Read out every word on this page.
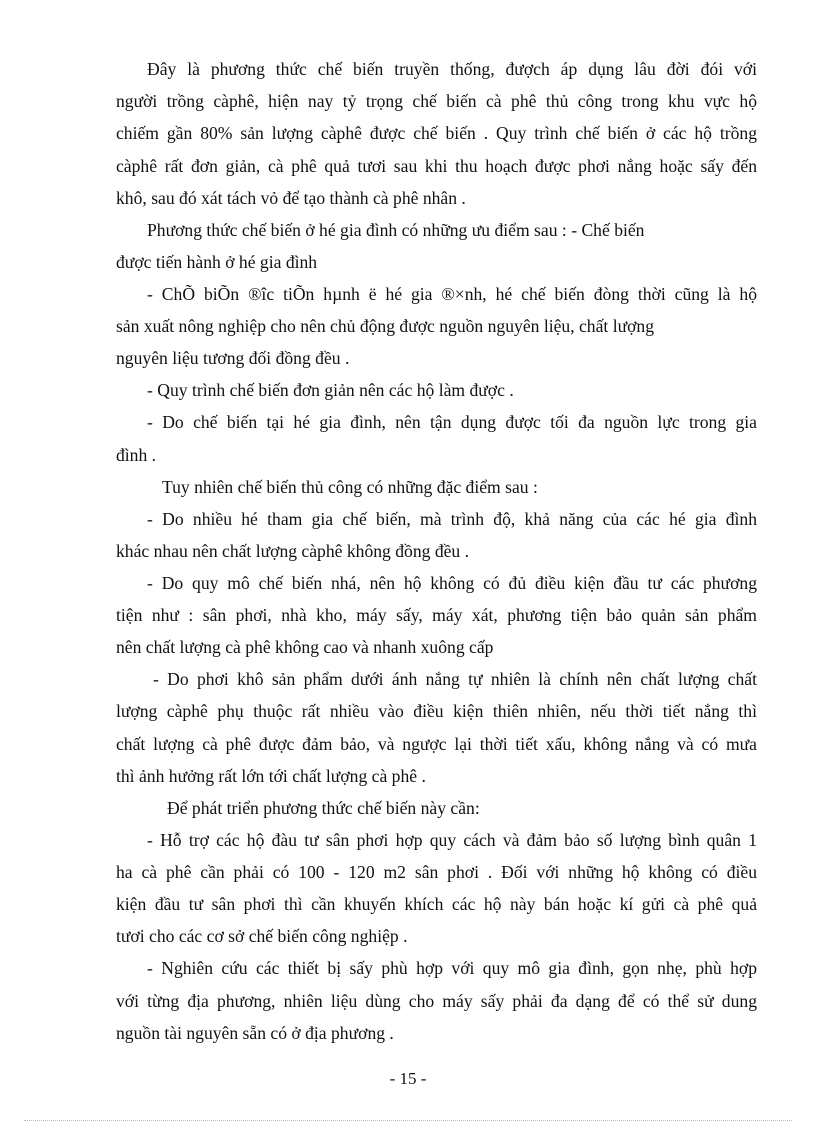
Đây là phương thức chế biến truyền thống, đượch áp dụng lâu đời đói với
người trồng càphê, hiện nay tỷ trọng chế biến cà phê thủ công trong khu vực hộ
chiếm gần 80% sản lượng càphê được chế biến . Quy trình chế biến ở các hộ trồng
càphê rất đơn giản, cà phê quả tươi sau khi thu hoạch được phơi nắng hoặc sấy đến
khô, sau đó xát tách vỏ để tạo thành cà phê nhân .
Phương thức chế biến ở hé gia đình có những ưu điểm sau : - Chế biến
được tiến hành ở hé gia đình
- ChÕ biÕn ®îc tiÕn hµnh ë hé gia ®×nh, hé chế biến đòng thời cũng là hộ
sản xuất nông nghiệp cho nên chủ động được nguồn nguyên liệu, chất lượng
nguyên liệu tương đối đồng đều .
- Quy trình chế biến đơn giản nên các hộ làm được .
- Do chế biến tại hé gia đình, nên tận dụng được tối đa nguồn lực trong gia
đình .
Tuy nhiên chế biến thủ công có những đặc điểm sau :
- Do nhiều hé tham gia chế biến, mà trình độ, khả năng của các hé gia đình
khác nhau nên chất lượng càphê không đồng đều .
- Do quy mô chế biến nhá, nên hộ không có đủ điều kiện đầu tư các phương
tiện như : sân phơi, nhà kho, máy sấy, máy xát, phương tiện bảo quản sản phẩm
nên chất lượng cà phê không cao và nhanh xuông cấp
- Do phơi khô sản phẩm dưới ánh nắng tự nhiên là chính nên chất lượng chất
lượng càphê phụ thuộc rất nhiều vào điều kiện thiên nhiên, nếu thời tiết nắng thì
chất lượng cà phê được đảm bảo, và ngược lại thời tiết xấu, không nắng và có mưa
thì ảnh hưởng rất lớn tới chất lượng cà phê .
Để phát triển phương thức chế biến này cần:
- Hỗ trợ các hộ đàu tư sân phơi hợp quy cách và đảm bảo số lượng bình quân 1
ha cà phê cần phải có 100 - 120 m2 sân phơi . Đối với những hộ không có điều
kiện đầu tư sân phơi thì cần khuyến khích các hộ này bán hoặc kí gửi cà phê quả
tươi cho các cơ sở chế biến công nghiệp .
- Nghiên cứu các thiết bị sấy phù hợp với quy mô gia đình, gọn nhẹ, phù hợp
với từng địa phương, nhiên liệu dùng cho máy sấy phải đa dạng để có thể sử dung
nguồn tài nguyên sẵn có ở địa phương .
- 15 -
